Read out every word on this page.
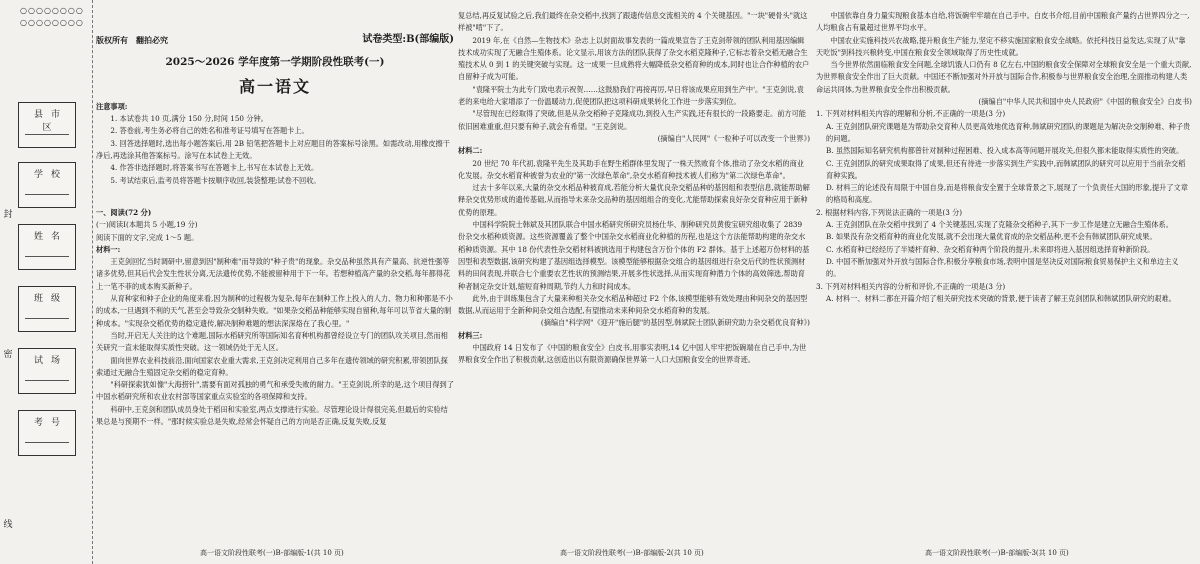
○○○○○○○○
○○○○○○○○
县市区
学校
姓名
班级
试场
考号
封
密
线
版权所有　翻拍必究	试卷类型:B(部编版)
2025～2026 学年度第一学期阶段性联考(一)
高一语文

注意事项:

1. 本试卷共 10 页,满分 150 分,时间 150 分钟。

2. 答卷前,考生务必将自己的姓名和准考证号填写在答题卡上。

3. 回答选择题时,选出每小题答案后,用 2B 铅笔把答题卡上对应题目的答案标号涂黑。如需改动,用橡皮擦干净后,再选涂其他答案标号。涂写在本试卷上无效。

4. 作答非选择题时,将答案书写在答题卡上,书写在本试卷上无效。

5. 考试结束后,监考员将答题卡按顺序收回,装袋整理;试卷不回收。

一、阅读(72 分)

(一)阅读Ⅰ(本题共 5 小题,19 分)

阅读下面的文字,完成 1～5 题。

材料一:

王克剑回忆当时调研中,留意到因"制种难"而导致的"种子贵"的现象。杂交品种虽然具有产量高、抗逆性强等诸多优势,但其后代会发生性状分离,无法遗传优势,不能被留种用于下一年。若想种植高产量的杂交稻,每年都得花上一笔不菲的成本购买新种子。

从育种家和种子企业的角度来看,因为制种的过程极为复杂,每年在制种工作上投入的人力、物力和种都是不小的成本,一旦遇到不利的天气,甚至会导致杂交制种失败。"如果杂交稻品种能够实现自留种,每年可以节省大量的制种成本。"实现杂交稻优势的稳定遗传,解决制种难题的想法深深烙在了我心里。"

当时,开启无人关注的这个难题,国际水稻研究所等国际知名育种机构都曾经设立专门的团队攻关项目,然而相关研究一直未能取得实质性突破。这一领域仍处于无人区。

面向世界农业科技前沿,面向国家农业重大需求,王克剑决定利用自己多年在遗传领域的研究积累,带领团队探索通过无融合生殖固定杂交稻的稳定育种。

"科研探索犹如像"大海捞针",需要有面对孤独的勇气和承受失败的耐力。"王克剑说,所幸的是,这个项目得到了中国水稻研究所和农业农村部等国家重点实验室的各项保障和支持。

科研中,王克剑和团队成员身处于稻田和实验室,两点支撑进行实验。尽管理论设计得很完美,但最后的实验结果总是与预期不一样。"那时候实验总是失败,经常会怀疑自己的方向是否正确,反复失败,反复

高一语文阶段性联考(一)B-部编版-1(共 10 页)

复总结,再反复试验之后,我们最终在杂交稻中,找到了跟遗传信息交流相关的 4 个关键基因。"一块"硬骨头"就这样被"啃"下了。

2019 年,在《自然—生物技术》杂志上以封面故事发表的一篇成果宣告了王克剑带领的团队利用基因编辑技术成功实现了无融合生殖体系。论文显示,用该方法的团队获得了杂交水稻克隆种子,它标志着杂交稻无融合生殖技术从 0 到 1 的关键突破与实现。这一成果一旦成熟将大幅降低杂交稻育种的成本,同时也让合作种植的农户自留种子成为可能。

"袁隆平院士为此专门致电表示祝贺……这鼓励我们'再接再厉,早日将该成果应用到生产中'。"王克剑说,袁老的来电给大家增添了一份温暖动力,促使团队把这项科研成果转化工作进一步落实到位。

"尽管现在已经取得了突破,但是从杂交稻种子克隆成功,到投入生产实践,还有很长的一段路要走。前方可能依旧困难重重,但只要有种子,就会有希望。"王克剑说。

(摘编自"人民网"《一粒种子可以改变一个世界》)

材料二:

20 世纪 70 年代初,袁隆平先生及其助手在野生稻群体里发现了一株天然败育个体,推动了杂交水稻的商业化发展。杂交水稻育种被誉为农业的"第一次绿色革命",杂交水稻育种技术被人们称为"第二次绿色革命"。

过去十多年以来,大量的杂交水稻品种被育成,若能分析大量优良杂交稻品种的基因组和表型信息,就能帮助解释杂交优势形成的遗传基础,从而指导未来杂交品种的基因组组合的变化,尤能帮助探索良好杂交育种应用于新种优势的原理。

中国科学院院士韩斌及其团队联合中国水稻研究所研究员杨仕华、制种研究员黄俊宝研究组收集了 2839 份杂交水稻种质资源。这些资源覆盖了整个中国杂交水稻商业化种植的历程,也是这个方法能帮助构建的杂交水稻种质资源。其中 18 份代表性杂交稻材料被挑选用于构建包含万份个体的 F2 群体。基于上述超万份材料的基因型和表型数据,该研究构建了基因组选择模型。该模型能够根据杂交组合的基因组进行杂交后代的性状预测材料的田间表现,并联合七个重要农艺性状的预测结果,开展多性状选择,从而实现育种潜力个体的高效筛选,帮助育种者制定杂交计划,缩短育种周期,节约人力和时间成本。

此外,由于训练集包含了大量来种相关杂交水稻品种超过 F2 个体,该模型能够有效处理由种间杂交的基因型数据,从而运用于全新种间杂交组合选配,有望推动未来种间杂交水稻育种的发展。

(摘编自"科学网"《迎开"施后腿"的基因型,韩斌院士团队新研究助力杂交稻优良育种》)

材料三:

中国政府 14 日发布了《中国的粮食安全》白皮书,用事实表明,14 亿中国人牢牢把饭碗端在自己手中,为世界粮食安全作出了积极贡献,这创造出以有限资源确保世界第一人口大国粮食安全的世界奇迹。

高一语文阶段性联考(一)B-部编版-2(共 10 页)

中国依靠自身力量实现粮食基本自给,将饭碗牢牢端在自己手中。白皮书介绍,目前中国粮食产量约占世界四分之一,人均粮食占有量超过世界平均水平。

中国农业实施科技兴农战略,提升粮食生产能力,坚定不移实施国家粮食安全战略。依托科技日益发达,实现了从"靠天吃饭"到科技兴粮转变,中国在粮食安全领域取得了历史性成就。

当今世界依然面临粮食安全问题,全球饥饿人口仍有 8 亿左右,中国的粮食安全保障对全球粮食安全是一个重大贡献,为世界粮食安全作出了巨大贡献。中国还不断加强对外开放与国际合作,积极参与世界粮食安全治理,全面推动构建人类命运共同体,为世界粮食安全作出积极贡献。

(摘编自"中华人民共和国中央人民政府"《中国的粮食安全》白皮书)

1. 下列对材料相关内容的理解和分析,不正确的一项是(3 分)

A. 王克剑团队研究课题是为帮助杂交育种人员更高效地优选育种,韩斌研究团队的课题是为解决杂交制种难、种子贵的问题。

B. 虽然国际知名研究机构都曾针对制种过程困难、投入成本高等问题开展攻关,但很久都未能取得实质性的突破。

C. 王克剑团队的研究成果取得了成果,但还有待进一步落实到生产实践中,而韩斌团队的研究可以应用于当前杂交稻育种实践。

D. 材料三的论述没有局限于中国自身,而是将粮食安全置于全球背景之下,展现了一个负责任大国的形象,提升了文章的格局和高度。

2. 根据材料内容,下列说法正确的一项是(3 分)

A. 王克剑团队在杂交稻中找到了 4 个关键基因,实现了克隆杂交稻种子,其下一步工作是建立无融合生殖体系。

B. 如果没有杂交稻育种的商业化发展,就不会出现大量优育成的杂交稻品种,更不会有韩斌团队研究成果。

C. 水稻育种已经经历了半矮杆育种、杂交稻育种两个阶段的提升,未来即将进入基因组选择育种新阶段。

D. 中国不断加强对外开放与国际合作,积极分享粮食市场,表明中国是坚决反对国际粮食贸易保护主义和单边主义的。

3. 下列对材料相关内容的分析和评价,不正确的一项是(3 分)

A. 材料一、材料二都在开篇介绍了相关研究技术突破的背景,便于读者了解王克剑团队和韩斌团队研究的艰难。

高一语文阶段性联考(一)B-部编版-3(共 10 页)
